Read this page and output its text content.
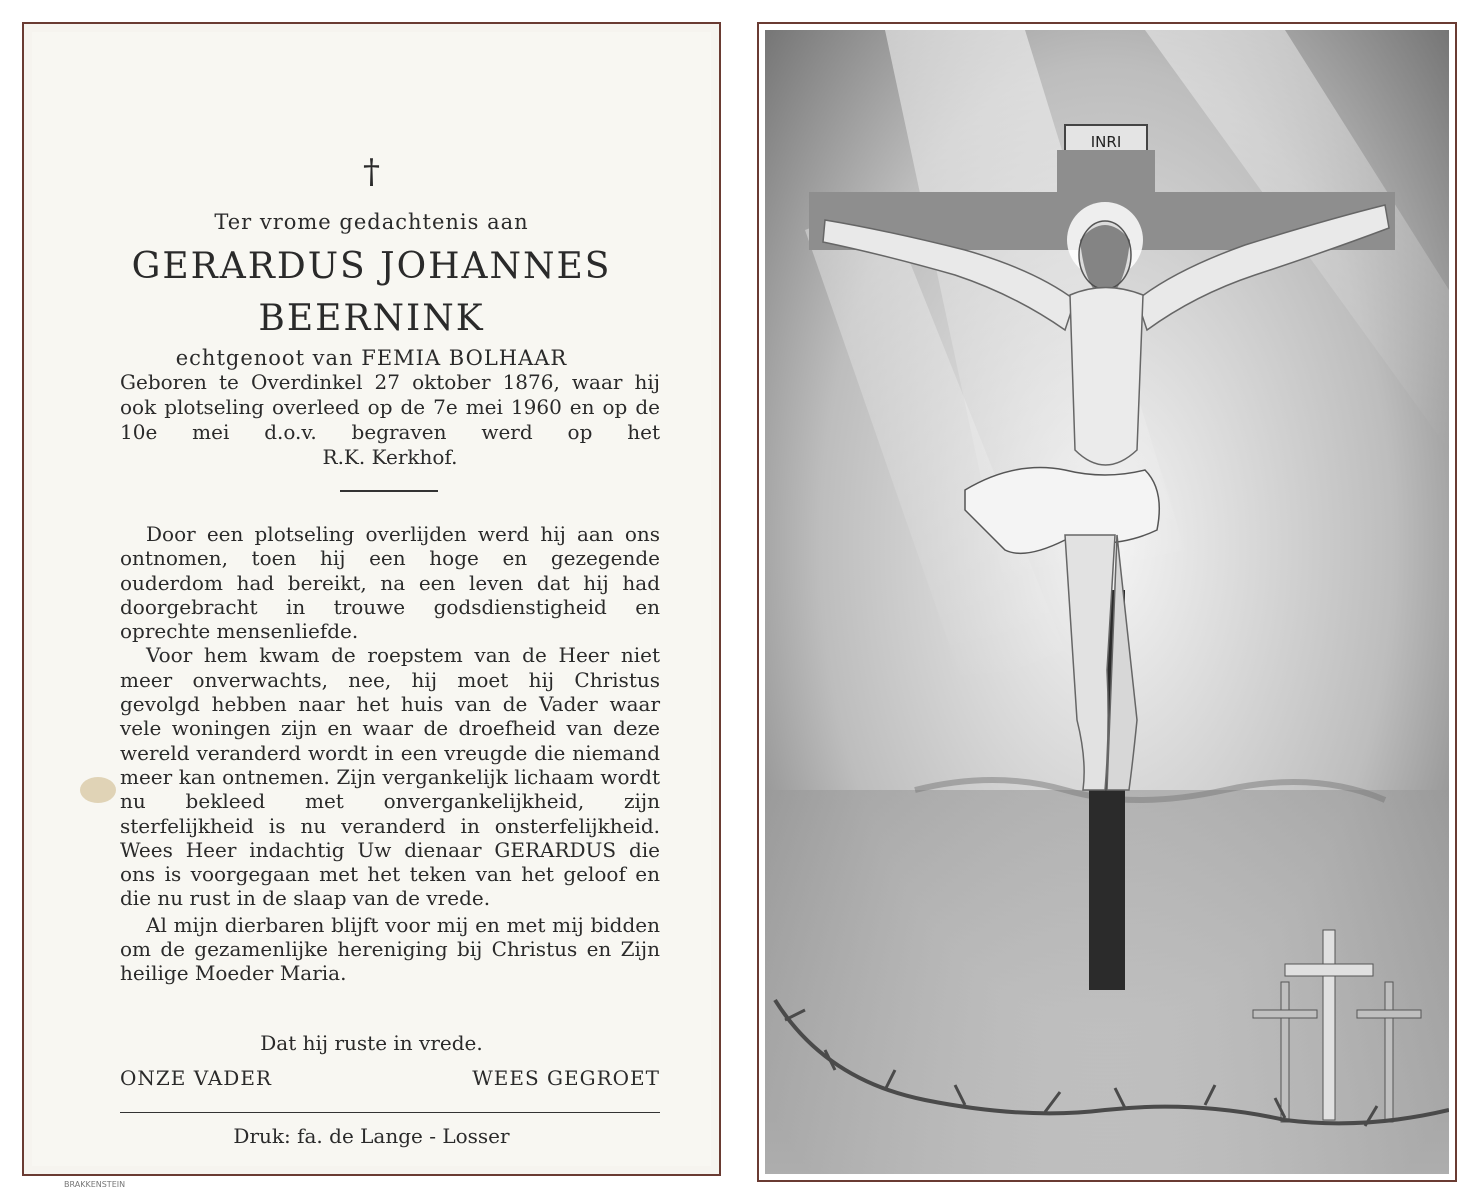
†
Ter vrome gedachtenis aan
GERARDUS JOHANNES
BEERNINK
echtgenoot van FEMIA BOLHAAR
Geboren te Overdinkel 27 oktober 1876, waar hij ook plotseling overleed op de 7e mei 1960 en op de 10e mei d.o.v. begraven werd op het
R.K. Kerkhof.

Door een plotseling overlijden werd hij aan ons ontnomen, toen hij een hoge en gezegende ouderdom had bereikt, na een leven dat hij had doorgebracht in trouwe godsdienstigheid en oprechte mensenliefde.

Voor hem kwam de roepstem van de Heer niet meer onverwachts, nee, hij moet hij Christus gevolgd hebben naar het huis van de Vader waar vele woningen zijn en waar de droefheid van deze wereld veranderd wordt in een vreugde die niemand meer kan ontnemen. Zijn vergankelijk lichaam wordt nu bekleed met onvergankelijkheid, zijn sterfelijkheid is nu veranderd in onsterfelijkheid. Wees Heer indachtig Uw dienaar GERARDUS die ons is voorgegaan met het teken van het geloof en die nu rust in de slaap van de vrede.

Al mijn dierbaren blijft voor mij en met mij bidden om de gezamenlijke hereniging bij Christus en Zijn heilige Moeder Maria.

Dat hij ruste in vrede.
ONZE VADER	WEES GEGROET
Druk: fa. de Lange - Losser
BRAKKENSTEIN
INRI
